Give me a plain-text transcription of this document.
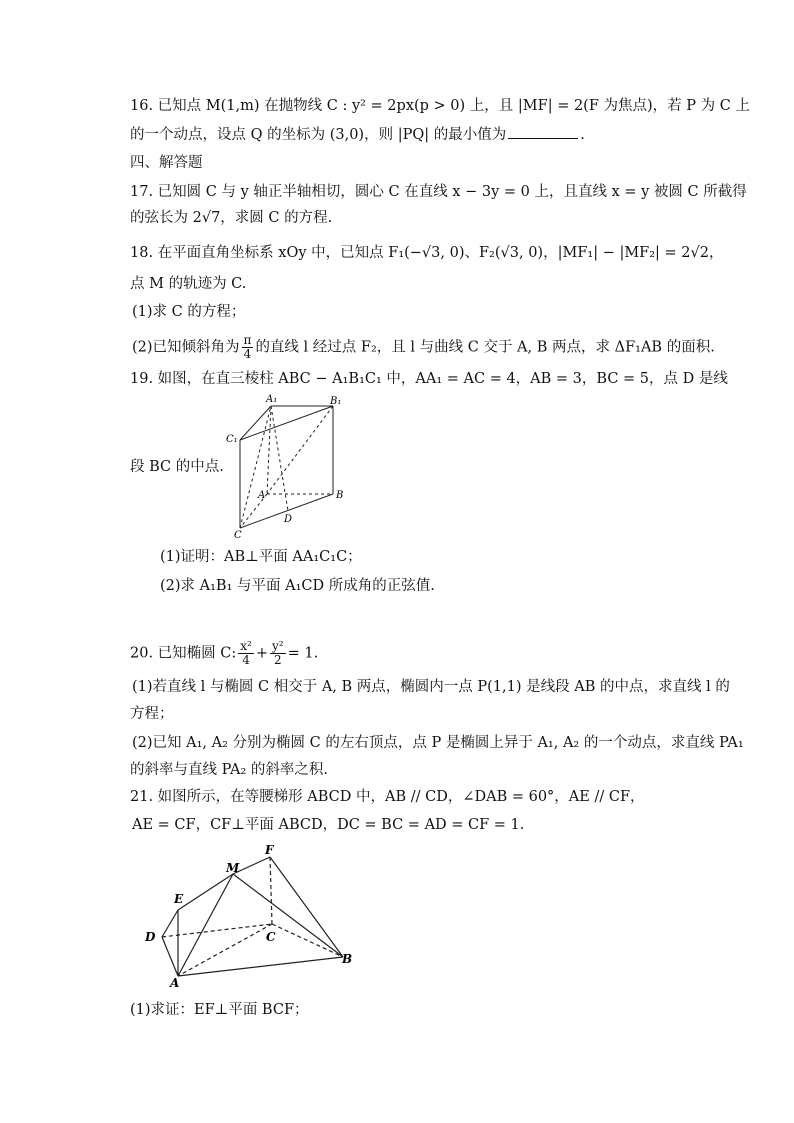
16. 已知点 M(1,m) 在抛物线 C : y² = 2px(p > 0) 上，且 |MF| = 2(F 为焦点)，若 P 为 C 上
的一个动点，设点 Q 的坐标为 (3,0)，则 |PQ| 的最小值为	.
四、解答题
17. 已知圆 C 与 y 轴正半轴相切，圆心 C 在直线 x − 3y = 0 上，且直线 x = y 被圆 C 所截得
的弦长为 2√7，求圆 C 的方程.
18. 在平面直角坐标系 xOy 中，已知点 F₁(−√3, 0)、F₂(√3, 0)，|MF₁| − |MF₂| = 2√2，
点 M 的轨迹为 C.
(1)求 C 的方程；
(2)已知倾斜角为 $\frac{\pi}{4}$ 的直线 l 经过点 F₂，且 l 与曲线 C 交于 A, B 两点，求 ΔF₁AB 的面积.
19. 如图，在直三棱柱 ABC − A₁B₁C₁ 中，AA₁ = AC = 4，AB = 3，BC = 5，点 D 是线
A₁	B₁
C₁
A	B
C
D
段 BC 的中点.
(1)证明：AB⊥平面 AA₁C₁C；
(2)求 A₁B₁ 与平面 A₁CD 所成角的正弦值.
20. 已知椭圆 C: $\frac{\text{x²}}{4} + \frac{\text{y²}}{2} = 1$.
(1)若直线 l 与椭圆 C 相交于 A, B 两点，椭圆内一点 P(1,1) 是线段 AB 的中点，求直线 l 的
方程；
(2)已知 A₁, A₂ 分别为椭圆 C 的左右顶点，点 P 是椭圆上异于 A₁, A₂ 的一个动点，求直线 PA₁
的斜率与直线 PA₂ 的斜率之积.
21. 如图所示，在等腰梯形 ABCD 中，AB // CD，∠DAB = 60°，AE // CF，
AE = CF，CF⊥平面 ABCD，DC = BC = AD = CF = 1.
F
M
E
D	C
A
B
(1)求证：EF⊥平面 BCF；
